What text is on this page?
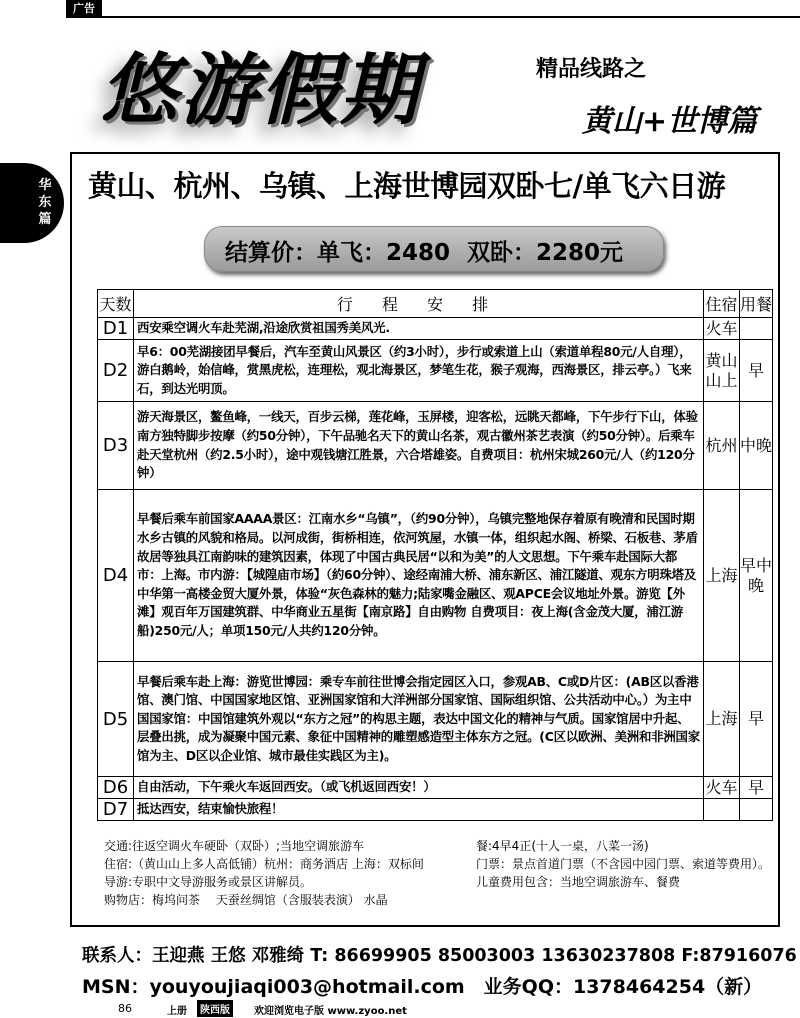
广告
悠游假期	精品线路之
黄山+世博篇
华东篇
黄山、杭州、乌镇、上海世博园双卧七/单飞六日游
结算价：单飞：2480 双卧：2280元
天数	行 程 安 排	住宿	用餐
D1	西安乘空调火车赴芜湖,沿途欣赏祖国秀美风光.	火车	
D2	早6：00芜湖接团早餐后，汽车至黄山风景区（约3小时），步行或索道上山（索道单程80元/人自理），游白鹅岭，始信峰，赏黑虎松，连理松，观北海景区，梦笔生花，猴子观海，西海景区，排云亭。）飞来石，到达光明顶。	黄山山上	早
D3	游天海景区，鳌鱼峰，一线天，百步云梯，莲花峰，玉屏楼，迎客松，远眺天都峰，下午步行下山，体验南方独特脚步按摩（约50分钟），下午品驰名天下的黄山名茶，观古徽州茶艺表演（约50分钟）。后乘车赴天堂杭州（约2.5小时），途中观钱塘江胜景，六合塔雄姿。自费项目：杭州宋城260元/人（约120分钟）	杭州	中晚
D4	早餐后乘车前国家AAAA景区：江南水乡“乌镇”，（约90分钟），乌镇完整地保存着原有晚清和民国时期水乡古镇的风貌和格局。以河成街，街桥相连，依河筑屋，水镇一体，组织起水阁、桥梁、石板巷、茅盾故居等独具江南韵味的建筑因素，体现了中国古典民居“以和为美”的人文思想。下午乘车赴国际大都市：上海。市内游：【城隍庙市场】（約60分钟）、途经南浦大桥、浦东新区、浦江隧道、观东方明珠塔及中华第一高楼金贸大厦外景，体验“灰色森林的魅力;陆家嘴金融区、观APCE会议地址外景。游览【外滩】观百年万国建筑群、中华商业五星街【南京路】自由购物 自费项目：夜上海(含金茂大厦，浦江游船)250元/人；单项150元/人共约120分钟。	上海	早中晚
D5	早餐后乘车赴上海：游览世博园：乘专车前往世博会指定园区入口，参观AB、C或D片区：(AB区以香港馆、澳门馆、中国国家地区馆、亚洲国家馆和大洋洲部分国家馆、国际组织馆、公共活动中心。）为主中国国家馆：中国馆建筑外观以“东方之冠”的构思主题，表达中国文化的精神与气质。国家馆居中升起、层叠出挑，成为凝聚中国元素、象征中国精神的雕塑感造型主体东方之冠。(C区以欧洲、美洲和非洲国家馆为主、D区以企业馆、城市最佳实践区为主)。	上海	早
D6	自由活动，下午乘火车返回西安。（或飞机返回西安！）	火车	早
D7	抵达西安，结束愉快旅程！		
交通:往返空调火车硬卧（双卧）;当地空调旅游车	餐:4早4正(十人一桌，八菜一汤)
住宿:（黄山山上多人高低铺）杭州：商务酒店 上海：双标间	门票：景点首道门票（不含园中园门票、索道等费用）。
导游:专职中文导游服务或景区讲解员。	儿童费用包含：当地空调旅游车、餐费
购物店：梅坞问茶　 天蚕丝绸馆（含服装表演） 水晶
联系人：王迎燕 王悠 邓雅绮 T: 86699905 85003003 13630237808 F:87916076
MSN：youyoujiaqi003@hotmail.com　业务QQ：1378464254（新）
86	上册	陕西版	欢迎浏览电子版 www.zyoo.net
